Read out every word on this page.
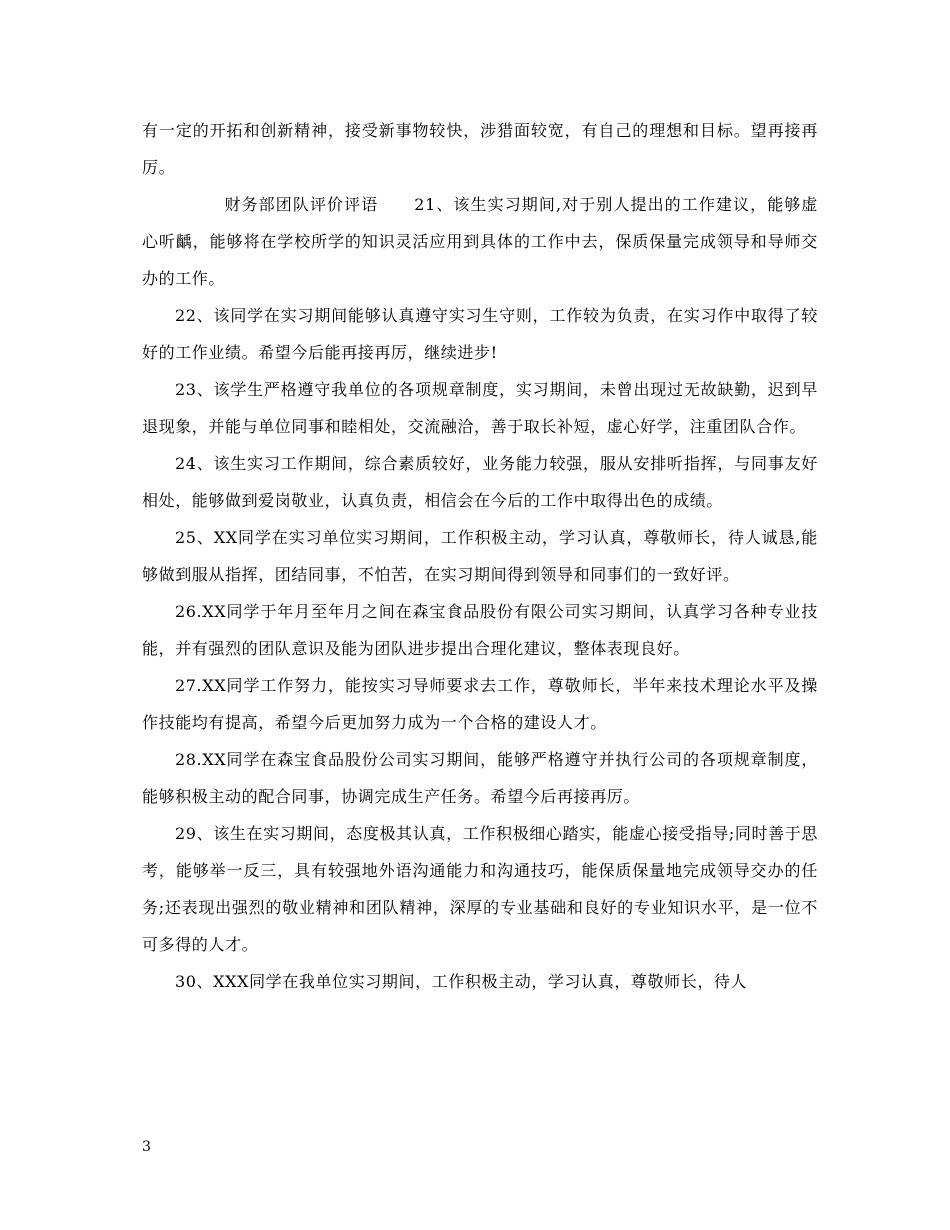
有一定的开拓和创新精神，接受新事物较快，涉猎面较宽，有自己的理想和目标。望再接再厉。

财务部团队评价评语 21、该生实习期间,对于别人提出的工作建议，能够虚心听齲，能够将在学校所学的知识灵活应用到具体的工作中去，保质保量完成领导和导师交办的工作。

22、该同学在实习期间能够认真遵守实习生守则，工作较为负责，在实习作中取得了较好的工作业绩。希望今后能再接再厉，继续进步!

23、该学生严格遵守我单位的各项规章制度，实习期间，未曾出现过无故缺勤，迟到早退现象，并能与单位同事和睦相处，交流融洽，善于取长补短，虚心好学，注重团队合作。

24、该生实习工作期间，综合素质较好，业务能力较强，服从安排听指挥，与同事友好相处，能够做到爱岗敬业，认真负责，相信会在今后的工作中取得出色的成绩。

25、XX同学在实习单位实习期间，工作积极主动，学习认真，尊敬师长，待人诚恳,能够做到服从指挥，团结同事，不怕苦，在实习期间得到领导和同事们的一致好评。

26.XX同学于年月至年月之间在森宝食品股份有限公司实习期间，认真学习各种专业技能，并有强烈的团队意识及能为团队进步提出合理化建议，整体表现良好。

27.XX同学工作努力，能按实习导师要求去工作，尊敬师长，半年来技术理论水平及操作技能均有提高，希望今后更加努力成为一个合格的建设人才。

28.XX同学在森宝食品股份公司实习期间，能够严格遵守并执行公司的各项规章制度，能够积极主动的配合同事，协调完成生产任务。希望今后再接再厉。

29、该生在实习期间，态度极其认真，工作积极细心踏实，能虚心接受指导;同时善于思考，能够举一反三，具有较强地外语沟通能力和沟通技巧，能保质保量地完成领导交办的任务;还表现出强烈的敬业精神和团队精神，深厚的专业基础和良好的专业知识水平，是一位不可多得的人才。

30、XXX同学在我单位实习期间，工作积极主动，学习认真，尊敬师长，待人

3
